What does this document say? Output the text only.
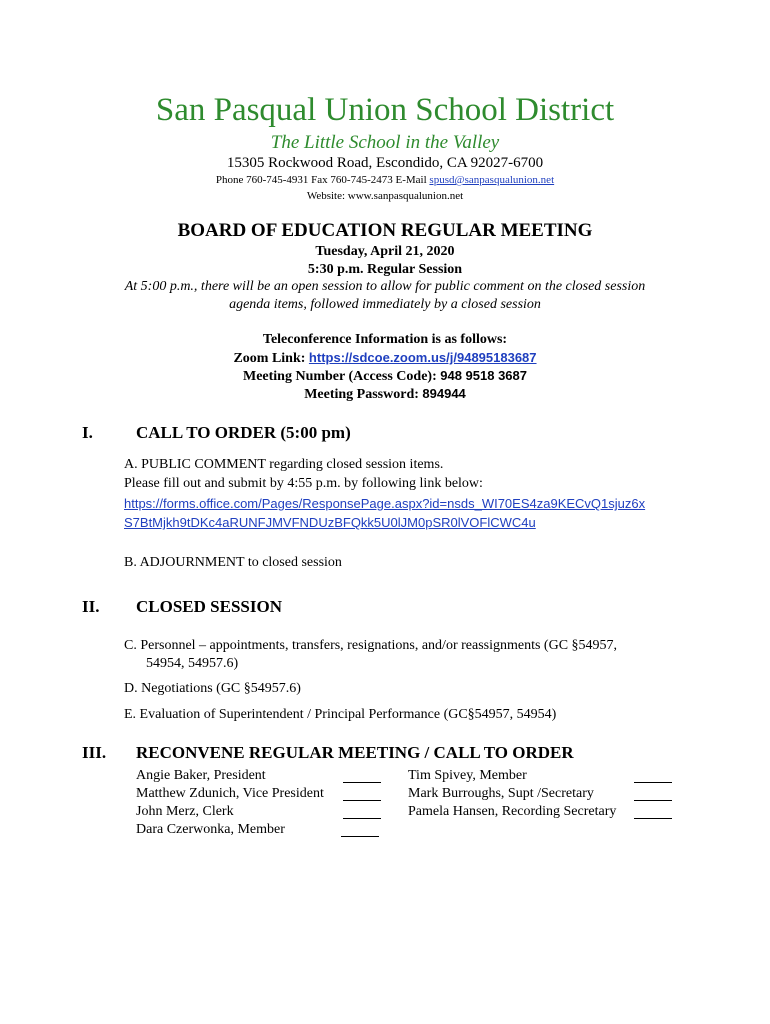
San Pasqual Union School District
The Little School in the Valley
15305 Rockwood Road, Escondido, CA 92027-6700
Phone 760-745-4931 Fax 760-745-2473 E-Mail spusd@sanpasqualunion.net
Website: www.sanpasqualunion.net
BOARD OF EDUCATION REGULAR MEETING
Tuesday, April 21, 2020
5:30 p.m. Regular Session
At 5:00 p.m., there will be an open session to allow for public comment on the closed session
agenda items, followed immediately by a closed session
Teleconference Information is as follows:
Zoom Link: https://sdcoe.zoom.us/j/94895183687
Meeting Number (Access Code): 948 9518 3687
Meeting Password: 894944
I.	CALL TO ORDER (5:00 pm)
A. PUBLIC COMMENT regarding closed session items.
Please fill out and submit by 4:55 p.m. by following link below:
https://forms.office.com/Pages/ResponsePage.aspx?id=nsds_WI70ES4za9KECvQ1sjuz6x
S7BtMjkh9tDKc4aRUNFJMVFNDUzBFQkk5U0lJM0pSR0lVOFlCWC4u
B. ADJOURNMENT to closed session
II. CLOSED SESSION
C. Personnel – appointments, transfers, resignations, and/or reassignments (GC §54957,
54954, 54957.6)
D. Negotiations (GC §54957.6)
E. Evaluation of Superintendent / Principal Performance (GC§54957, 54954)
III. RECONVENE REGULAR MEETING / CALL TO ORDER
Angie Baker, President
Matthew Zdunich, Vice President
John Merz, Clerk
Dara Czerwonka, Member
Tim Spivey, Member
Mark Burroughs, Supt /Secretary
Pamela Hansen, Recording Secretary
